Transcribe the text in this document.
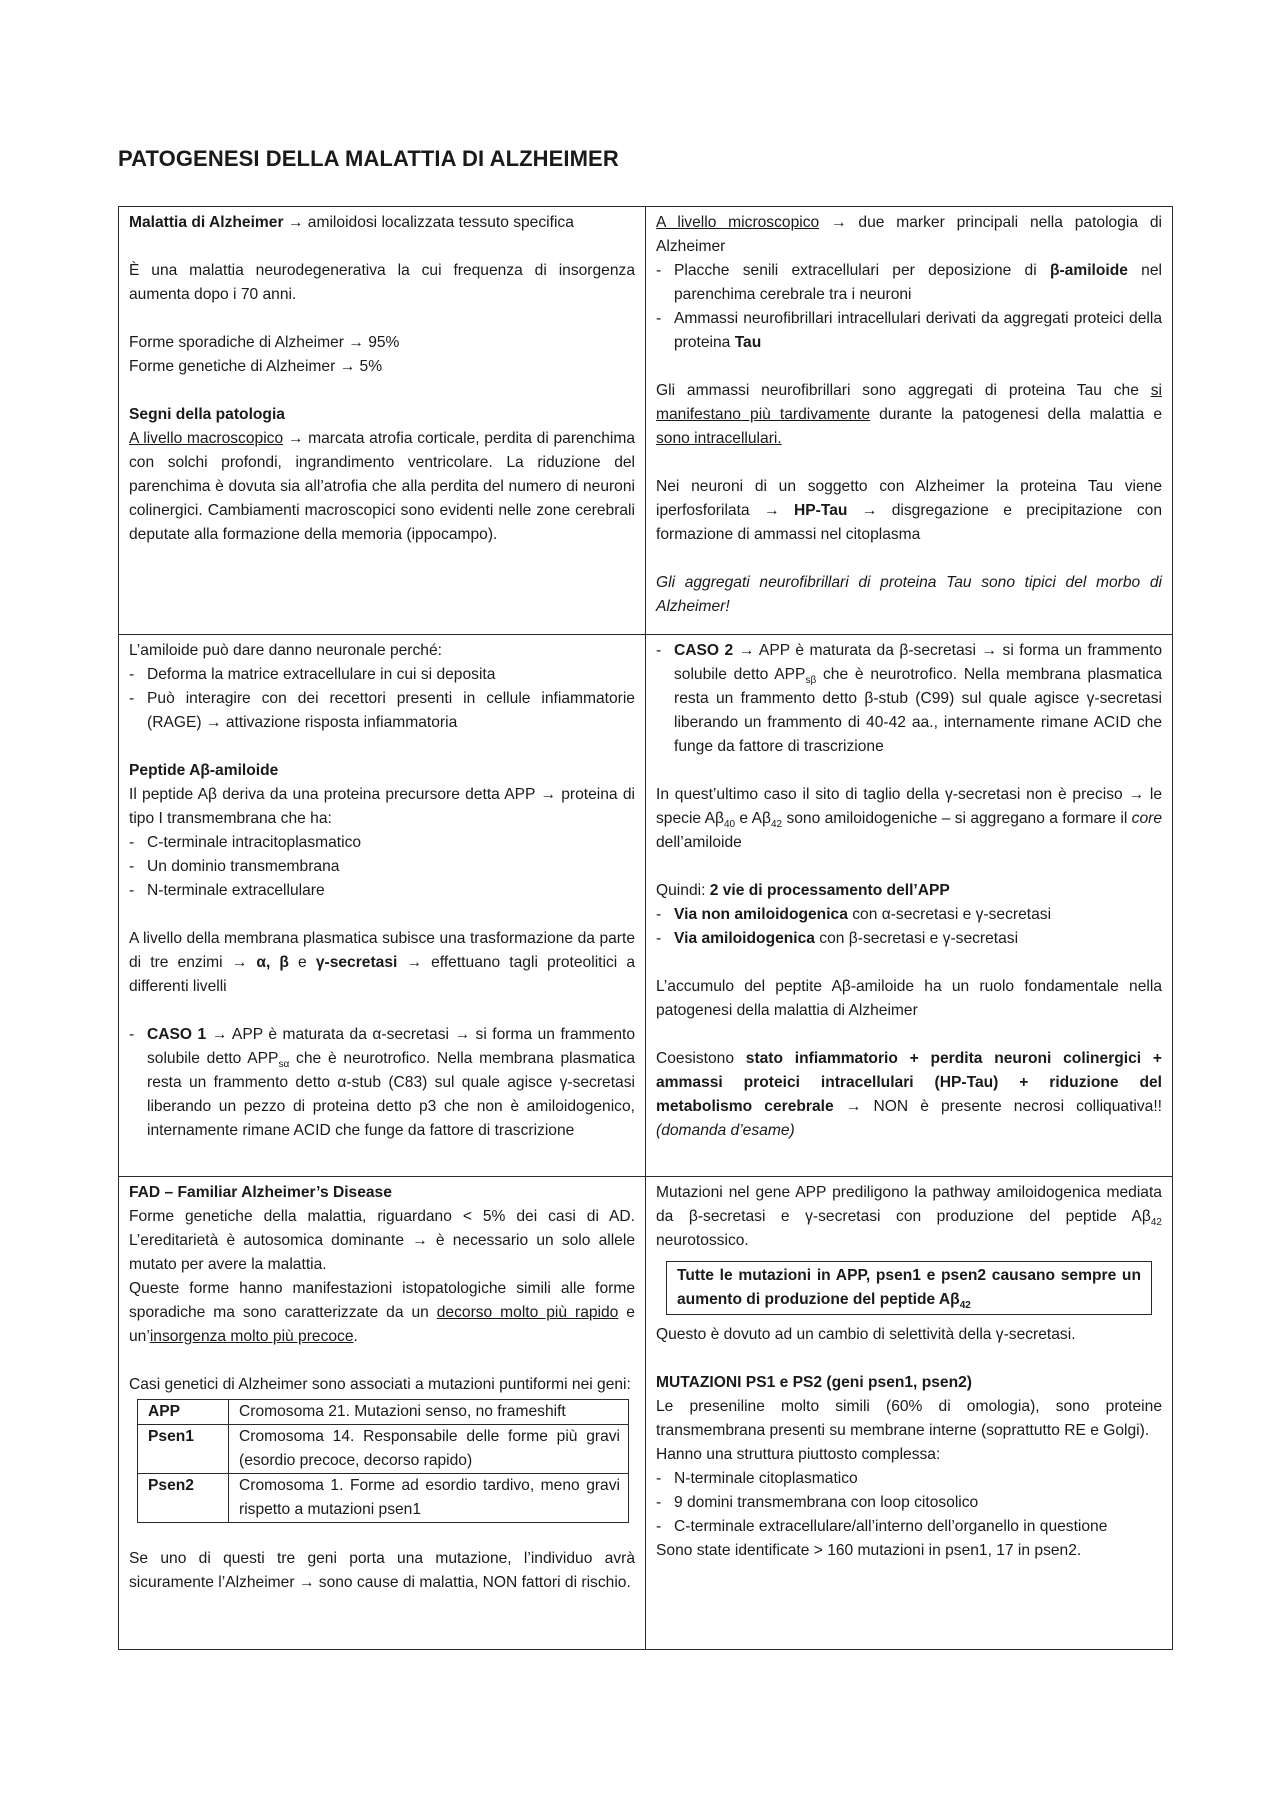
PATOGENESI DELLA MALATTIA DI ALZHEIMER

Malattia di Alzheimer → amiloidosi localizzata tessuto specifica

È una malattia neurodegenerativa la cui frequenza di insorgenza aumenta dopo i 70 anni.

Forme sporadiche di Alzheimer → 95%

Forme genetiche di Alzheimer → 5%

Segni della patologia

A livello macroscopico → marcata atrofia corticale, perdita di parenchima con solchi profondi, ingrandimento ventricolare. La riduzione del parenchima è dovuta sia all’atrofia che alla perdita del numero di neuroni colinergici. Cambiamenti macroscopici sono evidenti nelle zone cerebrali deputate alla formazione della memoria (ippocampo).

A livello microscopico → due marker principali nella patologia di Alzheimer

- Placche senili extracellulari per deposizione di β-amiloide nel parenchima cerebrale tra i neuroni
- Ammassi neurofibrillari intracellulari derivati da aggregati proteici della proteina Tau

Gli ammassi neurofibrillari sono aggregati di proteina Tau che si manifestano più tardivamente durante la patogenesi della malattia e sono intracellulari.

Nei neuroni di un soggetto con Alzheimer la proteina Tau viene iperfosforilata → HP-Tau → disgregazione e precipitazione con formazione di ammassi nel citoplasma

Gli aggregati neurofibrillari di proteina Tau sono tipici del morbo di Alzheimer!

L’amiloide può dare danno neuronale perché:

- Deforma la matrice extracellulare in cui si deposita
- Può interagire con dei recettori presenti in cellule infiammatorie (RAGE) → attivazione risposta infiammatoria

Peptide Aβ-amiloide

Il peptide Aβ deriva da una proteina precursore detta APP → proteina di tipo I transmembrana che ha:

- C-terminale intracitoplasmatico
- Un dominio transmembrana
- N-terminale extracellulare

A livello della membrana plasmatica subisce una trasformazione da parte di tre enzimi → α, β e γ-secretasi → effettuano tagli proteolitici a differenti livelli

- CASO 1 → APP è maturata da α-secretasi → si forma un frammento solubile detto $APP_{s\alpha}$ che è neurotrofico. Nella membrana plasmatica resta un frammento detto α-stub (C83) sul quale agisce γ-secretasi liberando un pezzo di proteina detto p3 che non è amiloidogenico, internamente rimane ACID che funge da fattore di trascrizione

- CASO 2 → APP è maturata da β-secretasi → si forma un frammento solubile detto $APP_{s\beta}$ che è neurotrofico. Nella membrana plasmatica resta un frammento detto β-stub (C99) sul quale agisce γ-secretasi liberando un frammento di 40-42 aa., internamente rimane ACID che funge da fattore di trascrizione

In quest’ultimo caso il sito di taglio della γ-secretasi non è preciso → le specie $A\beta_{40}$ e $A\beta_{42}$ sono amiloidogeniche – si aggregano a formare il core dell’amiloide

Quindi: 2 vie di processamento dell’APP

- Via non amiloidogenica con α-secretasi e γ-secretasi
- Via amiloidogenica con β-secretasi e γ-secretasi

L’accumulo del peptite Aβ-amiloide ha un ruolo fondamentale nella patogenesi della malattia di Alzheimer

Coesistono stato infiammatorio + perdita neuroni colinergici + ammassi proteici intracellulari (HP-Tau) + riduzione del metabolismo cerebrale → NON è presente necrosi colliquativa!! (domanda d’esame)

FAD – Familiar Alzheimer’s Disease

Forme genetiche della malattia, riguardano < 5% dei casi di AD. L’ereditarietà è autosomica dominante → è necessario un solo allele mutato per avere la malattia.

Queste forme hanno manifestazioni istopatologiche simili alle forme sporadiche ma sono caratterizzate da un decorso molto più rapido e un’insorgenza molto più precoce.

Casi genetici di Alzheimer sono associati a mutazioni puntiformi nei geni:

APP	Cromosoma 21. Mutazioni senso, no frameshift
Psen1	Cromosoma 14. Responsabile delle forme più gravi (esordio precoce, decorso rapido)
Psen2	Cromosoma 1. Forme ad esordio tardivo, meno gravi rispetto a mutazioni psen1

Se uno di questi tre geni porta una mutazione, l’individuo avrà sicuramente l’Alzheimer → sono cause di malattia, NON fattori di rischio.

Mutazioni nel gene APP prediligono la pathway amiloidogenica mediata da β-secretasi e γ-secretasi con produzione del peptide $A\beta_{42}$ neurotossico.

Tutte le mutazioni in APP, psen1 e psen2 causano sempre un aumento di produzione del peptide $A\beta_{42}$

Questo è dovuto ad un cambio di selettività della γ-secretasi.

MUTAZIONI PS1 e PS2 (geni psen1, psen2)

Le preseniline molto simili (60% di omologia), sono proteine transmembrana presenti su membrane interne (soprattutto RE e Golgi).

Hanno una struttura piuttosto complessa:

- N-terminale citoplasmatico
- 9 domini transmembrana con loop citosolico
- C-terminale extracellulare/all’interno dell’organello in questione

Sono state identificate > 160 mutazioni in psen1, 17 in psen2.
